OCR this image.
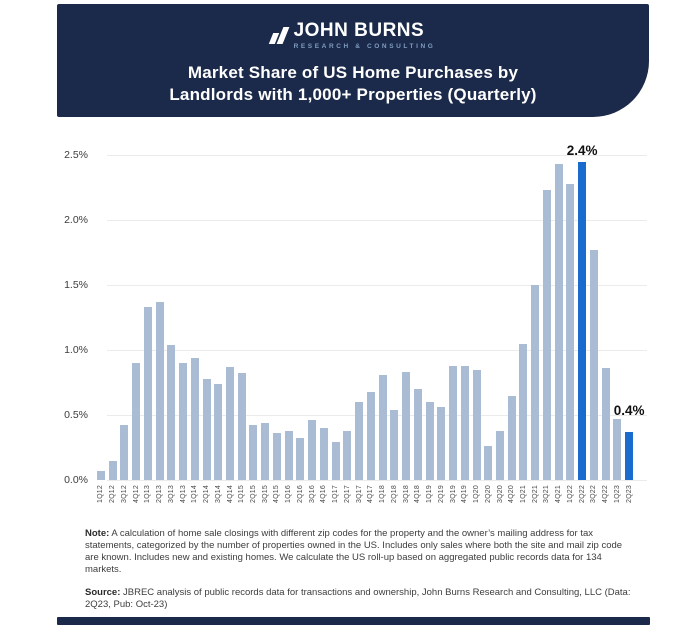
JOHN BURNS
RESEARCH & CONSULTING
Market Share of US Home Purchases by
Landlords with 1,000+ Properties (Quarterly)
0.0%
0.5%
1.0%
1.5%
2.0%
2.5%
1Q12 2Q12 3Q12 4Q12 1Q13 2Q13 3Q13 4Q13 1Q14 2Q14 3Q14 4Q14 1Q15 2Q15 3Q15 4Q15 1Q16 2Q16 3Q16 4Q16 1Q17 2Q17 3Q17 4Q17 1Q18 2Q18 3Q18 4Q18 1Q19 2Q19 3Q19 4Q19 1Q20 2Q20 3Q20 4Q20 1Q21 2Q21 3Q21 4Q21 1Q22 2Q22 3Q22 4Q22 1Q23 2Q23
2.4%
0.4%
Note: A calculation of home sale closings with different zip codes for the property and the owner’s mailing address for tax statements, categorized by the number of properties owned in the US. Includes only sales where both the site and mail zip code are known. Includes new and existing homes. We calculate the US roll-up based on aggregated public records data for 134 markets.
Source: JBREC analysis of public records data for transactions and ownership, John Burns Research and Consulting, LLC (Data: 2Q23, Pub: Oct-23)
